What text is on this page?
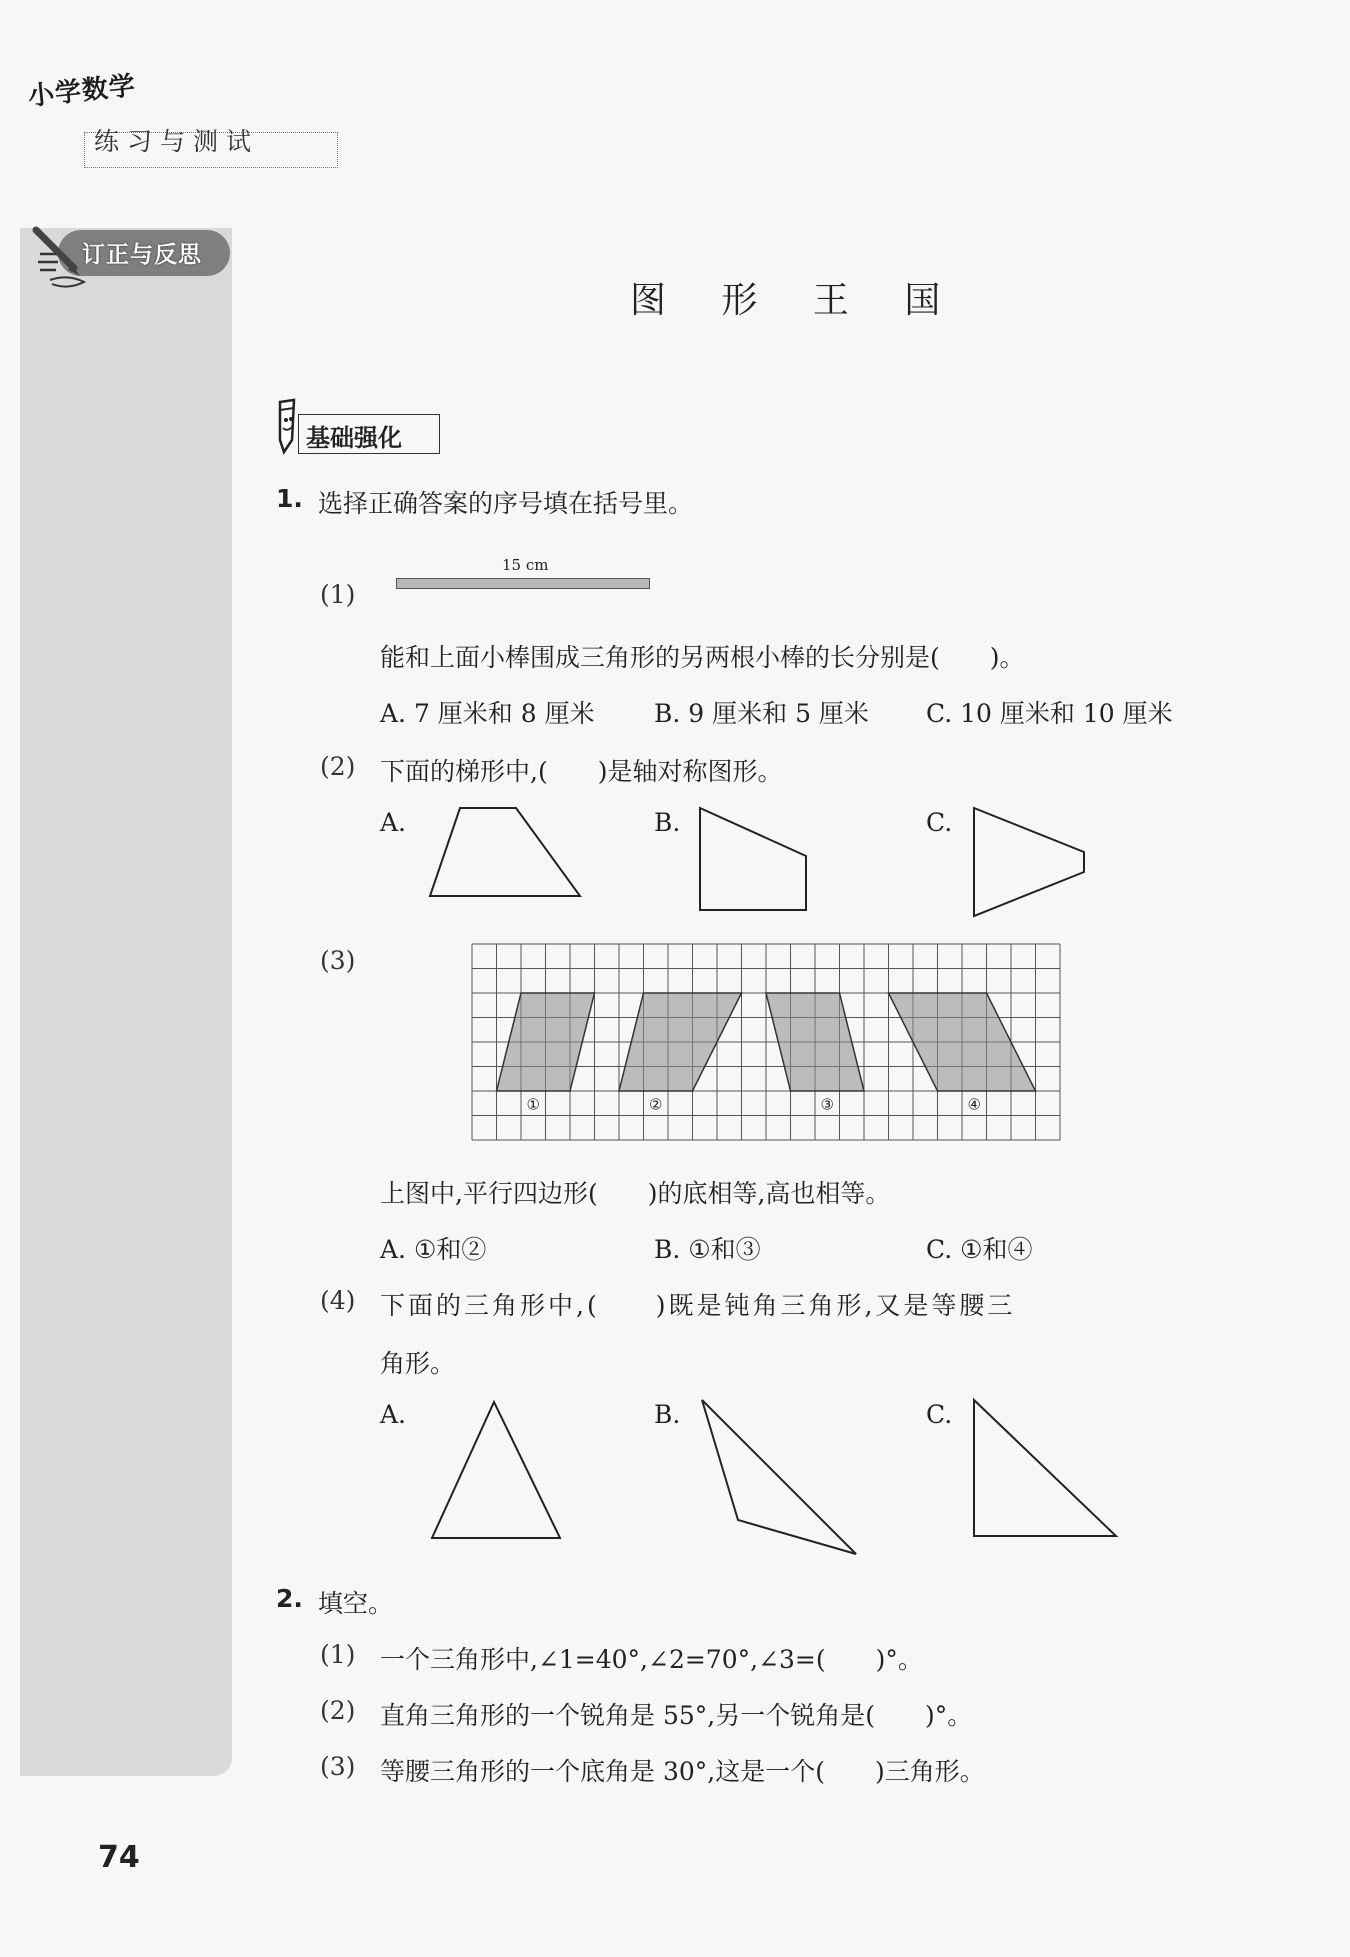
小学数学
练习与测试
订正与反思
图 形 王 国
基础强化
1. 选择正确答案的序号填在括号里。
(1)
15 cm
能和上面小棒围成三角形的另两根小棒的长分别是(　　)。
A. 7 厘米和 8 厘米 B. 9 厘米和 5 厘米 C. 10 厘米和 10 厘米
(2) 下面的梯形中,(　　)是轴对称图形。
A.	B.	C.
(3)
①	②	③	④
上图中,平行四边形(　　)的底相等,高也相等。
A. ①和②	B. ①和③	C. ①和④
(4) 下面的三角形中,(　　)既是钝角三角形,又是等腰三
角形。
A.	B.	C.
2. 填空。
(1) 一个三角形中,∠1=40°,∠2=70°,∠3=(　　)°。
(2) 直角三角形的一个锐角是 55°,另一个锐角是(　　)°。
(3) 等腰三角形的一个底角是 30°,这是一个(　　)三角形。
74
